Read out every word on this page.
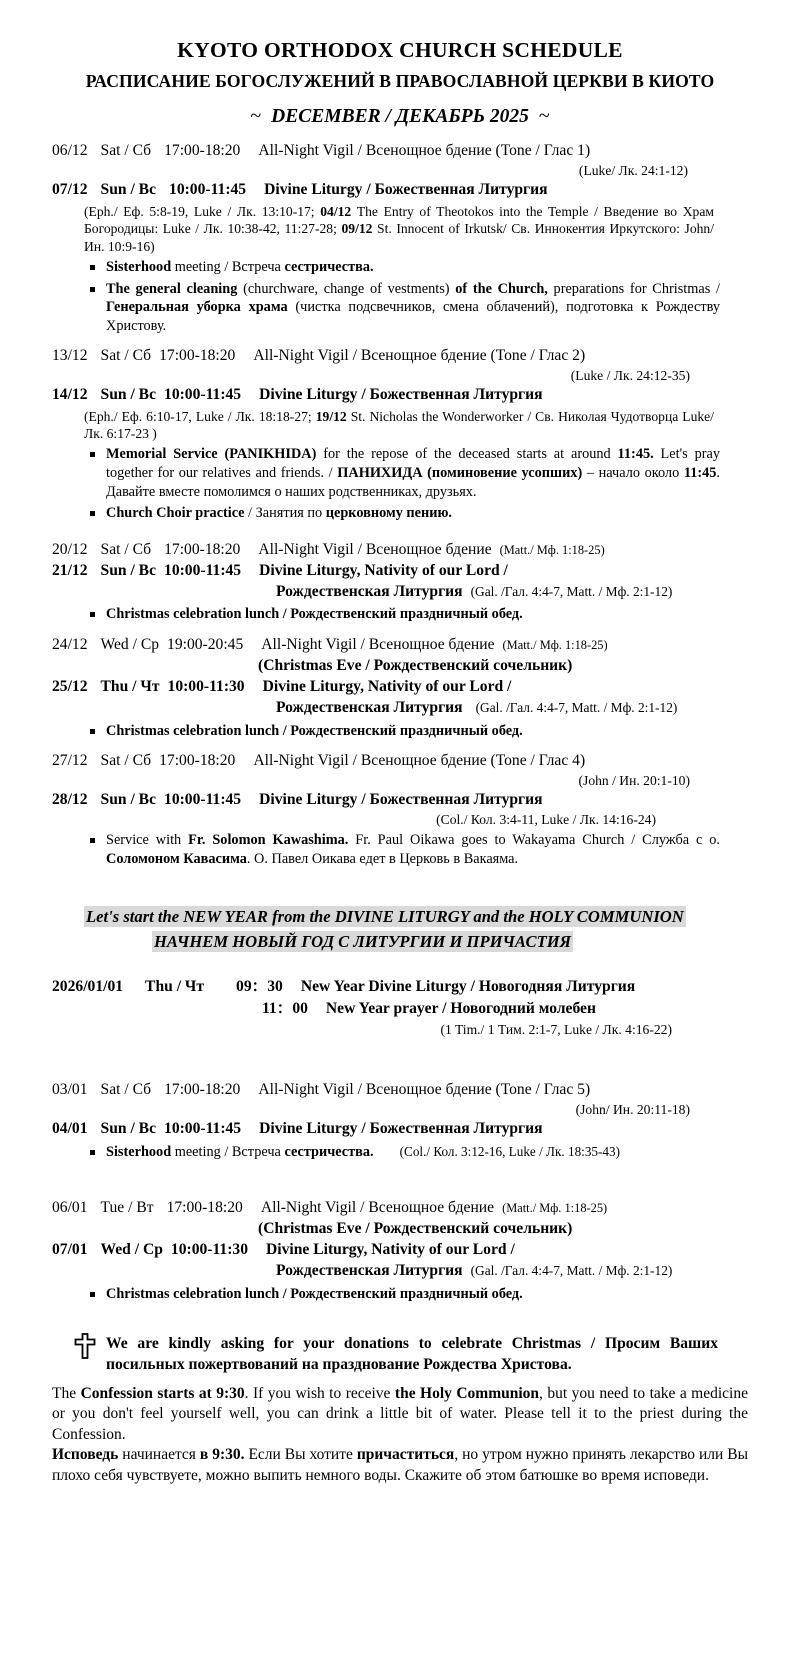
KYOTO ORTHODOX CHURCH SCHEDULE
РАСПИСАНИЕ БОГОСЛУЖЕНИЙ В ПРАВОСЛАВНОЙ ЦЕРКВИ В КИОТО
~ DECEMBER / ДЕКАБРЬ 2025 ~
06/12 Sat / Сб 17:00-18:20 All-Night Vigil / Всенощное бдение (Tone / Глас 1)
(Luke/ Лк. 24:1-12)
07/12 Sun / Вс 10:00-11:45 Divine Liturgy / Божественная Литургия
(Eph./ Еф. 5:8-19, Luke / Лк. 13:10-17; 04/12 The Entry of Theotokos into the Temple / Введение во Храм Богородицы: Luke / Лк. 10:38-42, 11:27-28; 09/12 St. Innocent of Irkutsk/ Св. Иннокентия Иркутского: John/ Ин. 10:9-16)
Sisterhood meeting / Встреча сестричества.
The general cleaning (churchware, change of vestments) of the Church, preparations for Christmas / Генеральная уборка храма (чистка подсвечников, смена облачений), подготовка к Рождеству Христову.
13/12 Sat / Сб 17:00-18:20 All-Night Vigil / Всенощное бдение (Tone / Глас 2)
(Luke / Лк. 24:12-35)
14/12 Sun / Вс 10:00-11:45 Divine Liturgy / Божественная Литургия
(Eph./ Еф. 6:10-17, Luke / Лк. 18:18-27; 19/12 St. Nicholas the Wonderworker / Св. Николая Чудотворца Luke/ Лк. 6:17-23 )
Memorial Service (PANIKHIDA) for the repose of the deceased starts at around 11:45. Let's pray together for our relatives and friends. / ПАНИХИДА (поминовение усопших) – начало около 11:45. Давайте вместе помолимся о наших родственниках, друзьях.
Church Choir practice / Занятия по церковному пению.
20/12 Sat / Сб 17:00-18:20 All-Night Vigil / Всенощное бдение (Matt./ Мф. 1:18-25)
21/12 Sun / Вс 10:00-11:45 Divine Liturgy, Nativity of our Lord /
Рождественская Литургия (Gal. /Гал. 4:4-7, Matt. / Мф. 2:1-12)
Christmas celebration lunch / Рождественский праздничный обед.
24/12 Wed / Ср 19:00-20:45 All-Night Vigil / Всенощное бдение (Matt./ Мф. 1:18-25)
(Christmas Eve / Рождественский сочельник)
25/12 Thu / Чт 10:00-11:30 Divine Liturgy, Nativity of our Lord /
Рождественская Литургия (Gal. /Гал. 4:4-7, Matt. / Мф. 2:1-12)
Christmas celebration lunch / Рождественский праздничный обед.
27/12 Sat / Сб 17:00-18:20 All-Night Vigil / Всенощное бдение (Tone / Глас 4)
(John / Ин. 20:1-10)
28/12 Sun / Вс 10:00-11:45 Divine Liturgy / Божественная Литургия
(Col./ Кол. 3:4-11, Luke / Лк. 14:16-24)
Service with Fr. Solomon Kawashima. Fr. Paul Oikawa goes to Wakayama Church / Служба с о. Соломоном Кавасима. О. Павел Оикава едет в Церковь в Вакаяма.
Let's start the NEW YEAR from the DIVINE LITURGY and the HOLY COMMUNION
НАЧНЕМ НОВЫЙ ГОД С ЛИТУРГИИ И ПРИЧАСТИЯ
2026/01/01 Thu / Чт 09：30 New Year Divine Liturgy / Новогодняя Литургия
11：00 New Year prayer / Новогодний молебен
(1 Tim./ 1 Тим. 2:1-7, Luke / Лк. 4:16-22)
03/01 Sat / Сб 17:00-18:20 All-Night Vigil / Всенощное бдение (Tone / Глас 5)
(John/ Ин. 20:11-18)
04/01 Sun / Вс 10:00-11:45 Divine Liturgy / Божественная Литургия
Sisterhood meeting / Встреча сестричества. (Col./ Кол. 3:12-16, Luke / Лк. 18:35-43)
06/01 Tue / Вт 17:00-18:20 All-Night Vigil / Всенощное бдение (Matt./ Мф. 1:18-25)
(Christmas Eve / Рождественский сочельник)
07/01 Wed / Ср 10:00-11:30 Divine Liturgy, Nativity of our Lord /
Рождественская Литургия (Gal. /Гал. 4:4-7, Matt. / Мф. 2:1-12)
Christmas celebration lunch / Рождественский праздничный обед.
We are kindly asking for your donations to celebrate Christmas / Просим Ваших посильных пожертвований на празднование Рождества Христова.

The Confession starts at 9:30. If you wish to receive the Holy Communion, but you need to take a medicine or you don't feel yourself well, you can drink a little bit of water. Please tell it to the priest during the Confession.

Исповедь начинается в 9:30. Если Вы хотите причаститься, но утром нужно принять лекарство или Вы плохо себя чувствуете, можно выпить немного воды. Скажите об этом батюшке во время исповеди.
